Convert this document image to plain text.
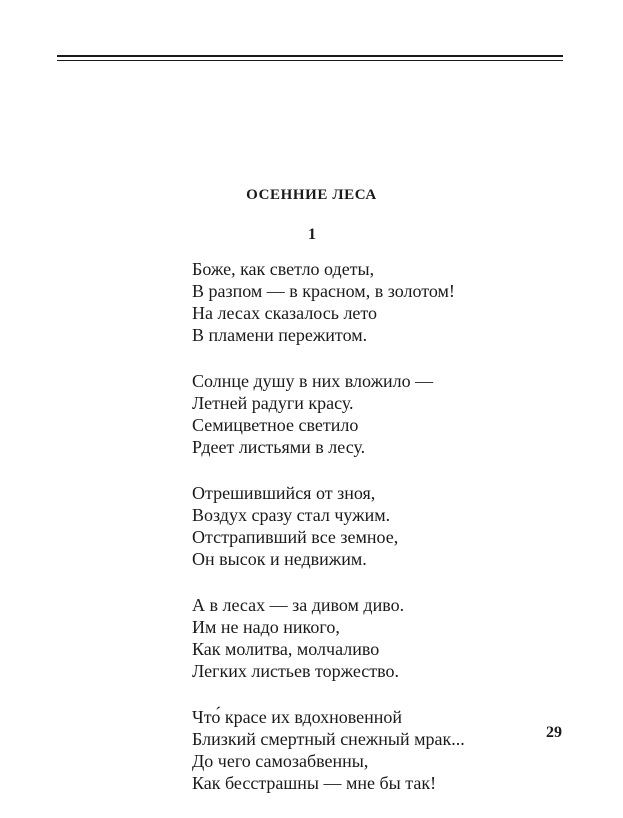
ОСЕННИЕ ЛЕСА
1
Боже, как светло одеты,
В разпом — в красном, в золотом!
На лесах сказалось лето
В пламени пережитом.
Солнце душу в них вложило —
Летней радуги красу.
Семицветное светило
Рдеет листьями в лесу.
Отрешившийся от зноя,
Воздух сразу стал чужим.
Отстрапивший все земное,
Он высок и недвижим.
А в лесах — за дивом диво.
Им не надо никого,
Как молитва, молчаливо
Легких листьев торжество.
Что́ красе их вдохновенной
Близкий смертный снежный мрак...
До чего самозабвенны,
Как бесстрашны — мне бы так!
29
